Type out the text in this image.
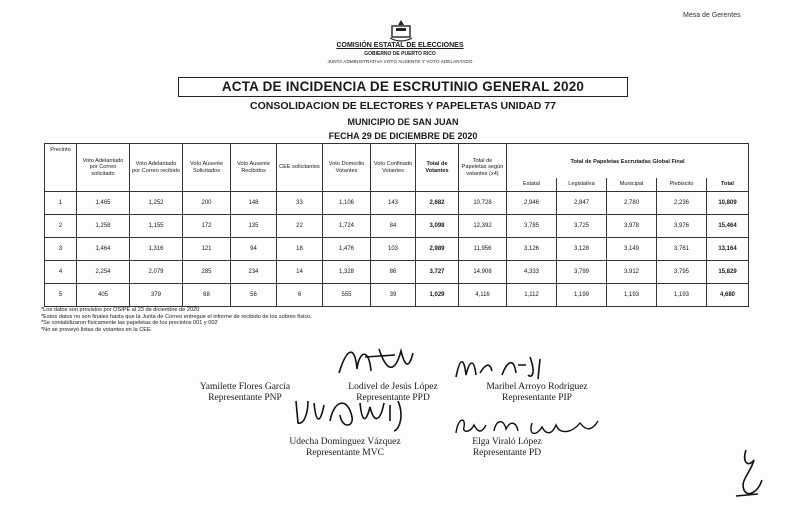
Mesa de Gerentes
COMISIÓN ESTATAL DE ELECCIONES
GOBIERNO DE PUERTO RICO
JUNTA ADMINISTRATIVA VOTO AUSENTE Y VOTO ADELANTADO
ACTA DE INCIDENCIA DE ESCRUTINIO GENERAL 2020
CONSOLIDACION DE ELECTORES Y PAPELETAS UNIDAD 77
MUNICIPIO DE SAN JUAN
FECHA 29 DE DICIEMBRE DE 2020
Precinto	Voto Adelantado por Correo solicitado	Voto Adelantado por Correo recibido	Voto Ausente Solicitados	Voto Ausente Recibidos	CEE solicitantes	Voto Domicilio Votantes	Voto Confinado Votantes	Total de Votantes	Total de Papeletas según votantes (x4)	Total de Papeletas Escrutadas Global Final				
										Estatal	Legislativa	Municipal	Plebiscito	Total
1	1,465	1,252	200	148	33	1,106	143	2,682	10,728	2,946	2,847	2,780	2,236	10,809
2	1,258	1,155	172	135	22	1,724	84	3,098	12,392	3,785	3,725	3,978	3,976	15,464
3	1,464	1,316	121	94	18	1,476	103	2,989	11,956	3,126	3,128	3,149	3,761	13,164
4	2,254	2,079	285	234	14	1,328	86	3,727	14,908	4,333	3,799	3,912	3,795	15,829
5	405	379	68	56	6	555	39	1,029	4,116	1,112	1,199	1,193	1,193	4,680
*Los datos son provistos por OSIPE al 23 de diciembre de 2020
*Estos datos no son finales hasta que la Junta de Correo entregue el informe de recibido de los sobres físico.
*Se contabilizaron físicamente las papeletas de los precintos 001 y 002
*No se proveyó listas de votantes en la CEE.
Yamilette Flores García
Representante PNP
Lodivel de Jesús López
Representante PPD
Maribel Arroyo Rodríguez
Representante PIP
Udecha Domínguez Vázquez
Representante MVC
Elga Viraló López
Representante PD
